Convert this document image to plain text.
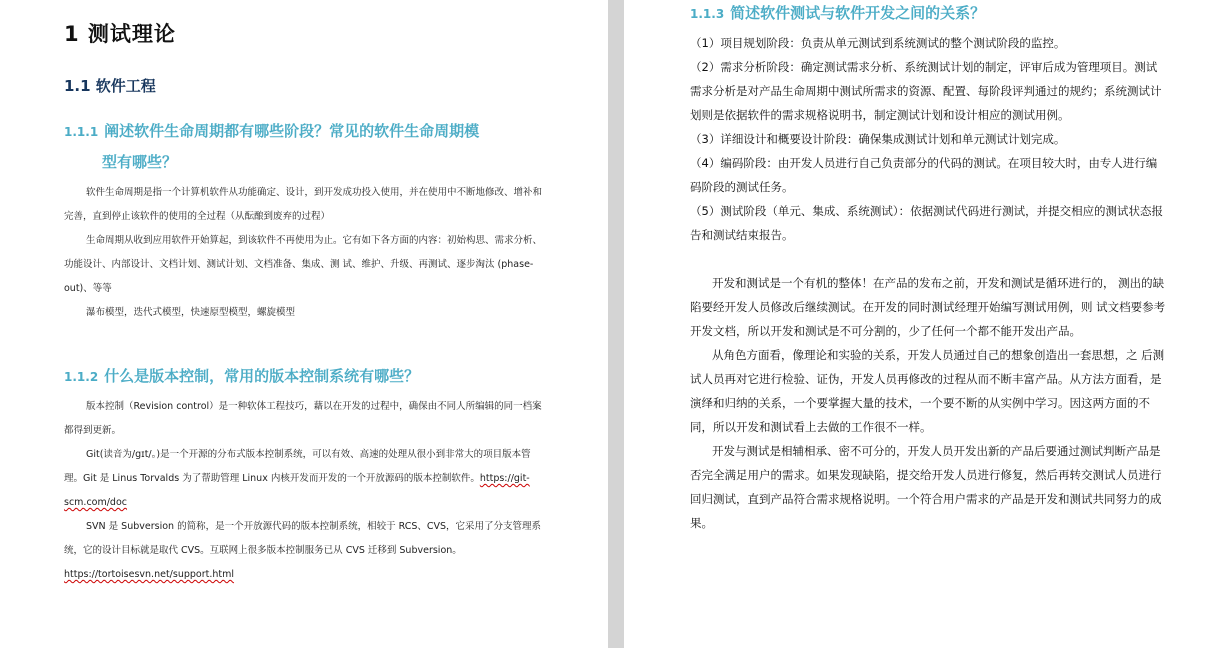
1 测试理论
1.1 软件工程
1.1.1 阐述软件生命周期都有哪些阶段？常见的软件生命周期模
型有哪些？

软件生命周期是指一个计算机软件从功能确定、设计，到开发成功投入使用，并在使用中不断地修改、增补和完善，直到停止该软件的使用的全过程（从酝酿到废弃的过程）

生命周期从收到应用软件开始算起，到该软件不再使用为止。它有如下各方面的内容：初始构思、需求分析、功能设计、内部设计、文档计划、测试计划、文档准备、集成、测 试、维护、升级、再测试、逐步淘汰 (phase-out)、等等

瀑布模型，迭代式模型，快速原型模型，螺旋模型

1.1.2 什么是版本控制，常用的版本控制系统有哪些？

版本控制（Revision control）是一种软体工程技巧，藉以在开发的过程中，确保由不同人所编辑的同一档案都得到更新。

Git(读音为/gɪt/。)是一个开源的分布式版本控制系统，可以有效、高速的处理从很小到非常大的项目版本管理。Git 是 Linus Torvalds 为了帮助管理 Linux 内核开发而开发的一个开放源码的版本控制软件。https://git-scm.com/doc

SVN 是 Subversion 的简称，是一个开放源代码的版本控制系统，相较于 RCS、CVS，它采用了分支管理系统，它的设计目标就是取代 CVS。互联网上很多版本控制服务已从 CVS 迁移到 Subversion。

https://tortoisesvn.net/support.html

1.1.3 简述软件测试与软件开发之间的关系？

（1）项目规划阶段：负责从单元测试到系统测试的整个测试阶段的监控。

（2）需求分析阶段：确定测试需求分析、系统测试计划的制定，评审后成为管理项目。测试需求分析是对产品生命周期中测试所需求的资源、配置、每阶段评判通过的规约；系统测试计划则是依据软件的需求规格说明书，制定测试计划和设计相应的测试用例。

（3）详细设计和概要设计阶段：确保集成测试计划和单元测试计划完成。

（4）编码阶段：由开发人员进行自己负责部分的代码的测试。在项目较大时，由专人进行编码阶段的测试任务。

（5）测试阶段（单元、集成、系统测试）：依据测试代码进行测试，并提交相应的测试状态报告和测试结束报告。

开发和测试是一个有机的整体！在产品的发布之前，开发和测试是循环进行的， 测出的缺陷要经开发人员修改后继续测试。在开发的同时测试经理开始编写测试用例，则 试文档要参考开发文档，所以开发和测试是不可分割的，少了任何一个都不能开发出产品。

从角色方面看，像理论和实验的关系，开发人员通过自己的想象创造出一套思想，之 后测试人员再对它进行检验、证伪，开发人员再修改的过程从而不断丰富产品。从方法方面看，是演绎和归纳的关系，一个要掌握大量的技术，一个要不断的从实例中学习。因这两方面的不同，所以开发和测试看上去做的工作很不一样。

开发与测试是相辅相承、密不可分的，开发人员开发出新的产品后要通过测试判断产品是否完全满足用户的需求。如果发现缺陷，提交给开发人员进行修复，然后再转交测试人员进行回归测试，直到产品符合需求规格说明。一个符合用户需求的产品是开发和测试共同努力的成果。
